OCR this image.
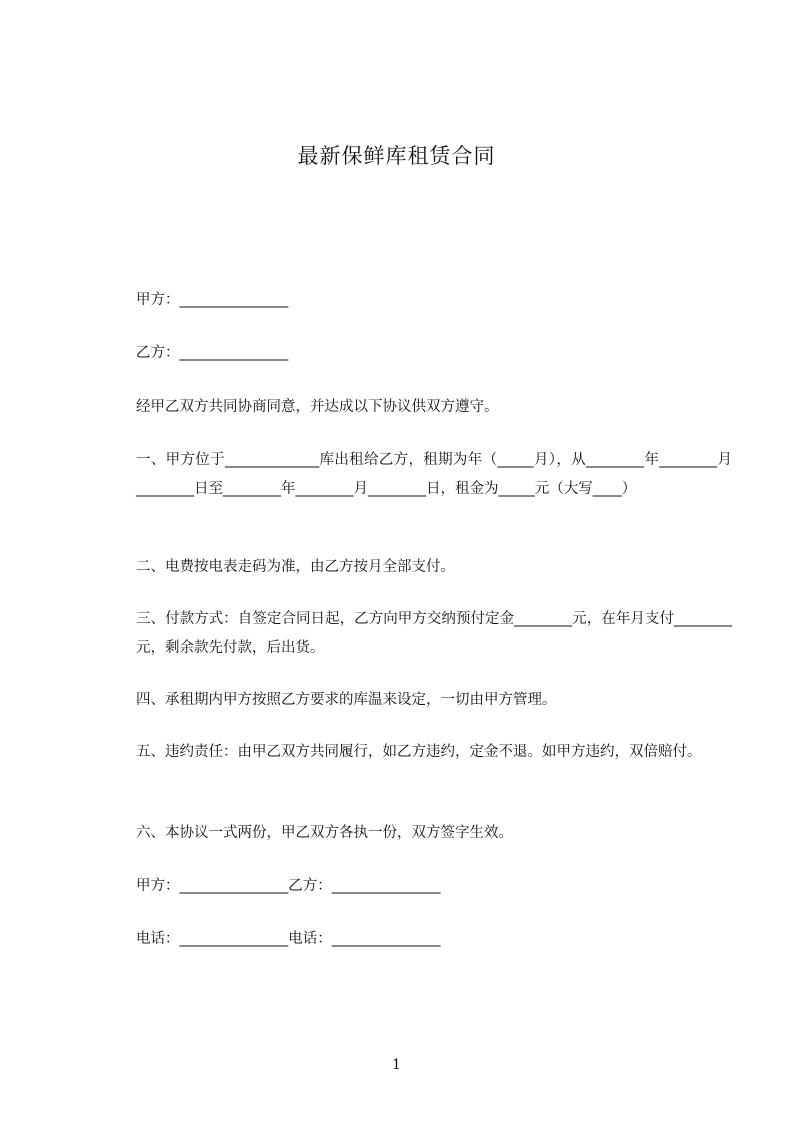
最新保鲜库租赁合同

甲方：_______________

乙方：_______________

经甲乙双方共同协商同意，并达成以下协议供双方遵守。

一、甲方位于_____________库出租给乙方，租期为年（_____月），从________年________月________日至________年________月________日，租金为_____元（大写____）

二、电费按电表走码为准，由乙方按月全部支付。

三、付款方式：自签定合同日起，乙方向甲方交纳预付定金________元，在年月支付________元，剩余款先付款，后出货。

四、承租期内甲方按照乙方要求的库温来设定，一切由甲方管理。

五、违约责任：由甲乙双方共同履行，如乙方违约，定金不退。如甲方违约，双倍赔付。

六、本协议一式两份，甲乙双方各执一份，双方签字生效。

甲方：_______________乙方：_______________

电话：_______________电话：_______________

1
